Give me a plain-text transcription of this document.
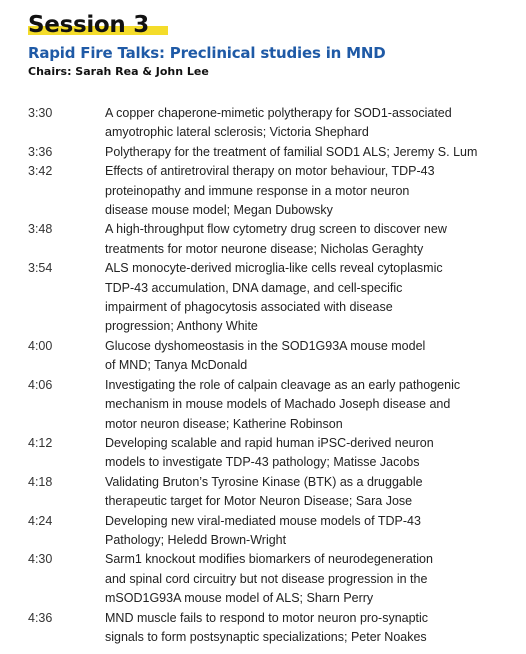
Session 3
Rapid Fire Talks: Preclinical studies in MND

Chairs: Sarah Rea & John Lee

3:30	A copper chaperone-mimetic polytherapy for SOD1-associated
amyotrophic lateral sclerosis; Victoria Shephard
3:36	Polytherapy for the treatment of familial SOD1 ALS; Jeremy S. Lum
3:42	Effects of antiretroviral therapy on motor behaviour, TDP-43
proteinopathy and immune response in a motor neuron
disease mouse model; Megan Dubowsky
3:48	A high-throughput flow cytometry drug screen to discover new
treatments for motor neurone disease; Nicholas Geraghty
3:54	ALS monocyte-derived microglia-like cells reveal cytoplasmic
TDP-43 accumulation, DNA damage, and cell-specific
impairment of phagocytosis associated with disease
progression; Anthony White
4:00	Glucose dyshomeostasis in the SOD1G93A mouse model
of MND; Tanya McDonald
4:06	Investigating the role of calpain cleavage as an early pathogenic
mechanism in mouse models of Machado Joseph disease and
motor neuron disease; Katherine Robinson
4:12	Developing scalable and rapid human iPSC-derived neuron
models to investigate TDP-43 pathology; Matisse Jacobs
4:18	Validating Bruton’s Tyrosine Kinase (BTK) as a druggable
therapeutic target for Motor Neuron Disease; Sara Jose
4:24	Developing new viral-mediated mouse models of TDP-43
Pathology; Heledd Brown-Wright
4:30	Sarm1 knockout modifies biomarkers of neurodegeneration
and spinal cord circuitry but not disease progression in the
mSOD1G93A mouse model of ALS; Sharn Perry
4:36	MND muscle fails to respond to motor neuron pro-synaptic
signals to form postsynaptic specializations; Peter Noakes
